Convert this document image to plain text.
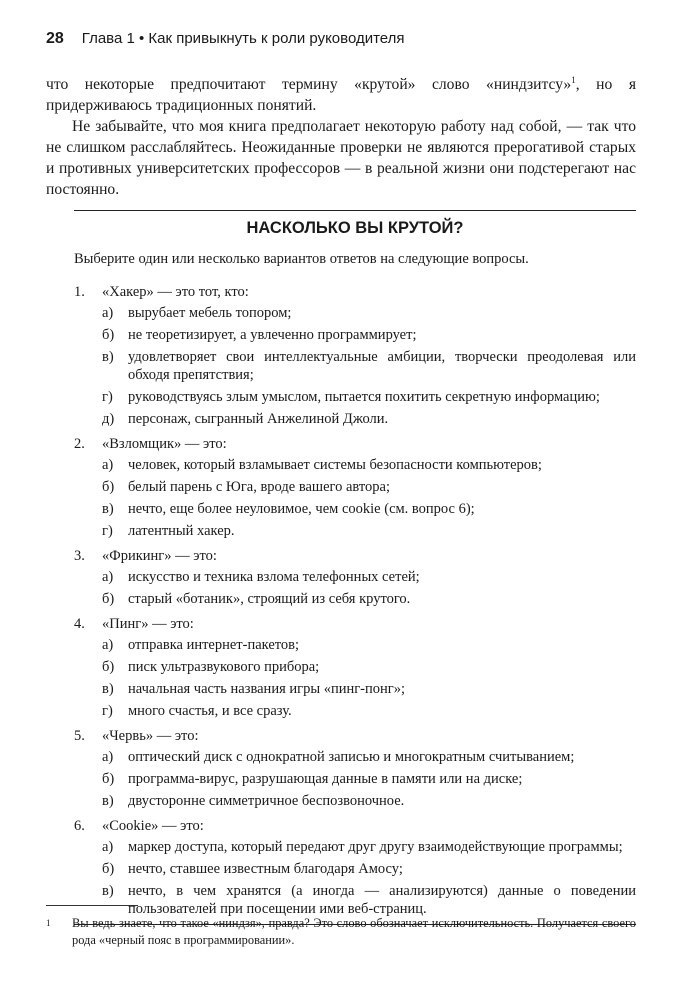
28 Глава 1 • Как привыкнуть к роли руководителя

что некоторые предпочитают термину «крутой» слово «ниндзитсу»$^1$, но я придерживаюсь традиционных понятий.

Не забывайте, что моя книга предполагает некоторую работу над собой, — так что не слишком расслабляйтесь. Неожиданные проверки не являются прерогативой старых и противных университетских профессоров — в реальной жизни они подстерегают нас постоянно.

НАСКОЛЬКО ВЫ КРУТОЙ?
Выберите один или несколько вариантов ответов на следующие вопросы.
1. «Хакер» — это тот, кто:
а)	вырубает мебель топором;
б) не теоретизирует, а увлеченно программирует;
в) удовлетворяет свои интеллектуальные амбиции, творчески преодолевая или обходя препятствия;
г)	руководствуясь злым умыслом, пытается похитить секретную информацию;
д) персонаж, сыгранный Анжелиной Джоли.
2. «Взломщик» — это:
а)	человек, который взламывает системы безопасности компьютеров;
б) белый парень с Юга, вроде вашего автора;
в) нечто, еще более неуловимое, чем cookie (см. вопрос 6);
г)	латентный хакер.
3. «Фрикинг» — это:
а)	искусство и техника взлома телефонных сетей;
б) старый «ботаник», строящий из себя крутого.
4. «Пинг» — это:
а)	отправка интернет-пакетов;
б) писк ультразвукового прибора;
в) начальная часть названия игры «пинг-понг»;
г)	много счастья, и все сразу.
5. «Червь» — это:
а)	оптический диск с однократной записью и многократным считыванием;
б) программа-вирус, разрушающая данные в памяти или на диске;
в) двусторонне симметричное беспозвоночное.
6. «Cookie» — это:
а)	маркер доступа, который передают друг другу взаимодействующие программы;
б) нечто, ставшее известным благодаря Амосу;
в) нечто, в чем хранятся (а иногда — анализируются) данные о поведении пользователей при посещении ими веб-страниц.
1	Вы ведь знаете, что такое «ниндзя», правда? Это слово обозначает исключительность. Получается своего рода «черный пояс в программировании».
